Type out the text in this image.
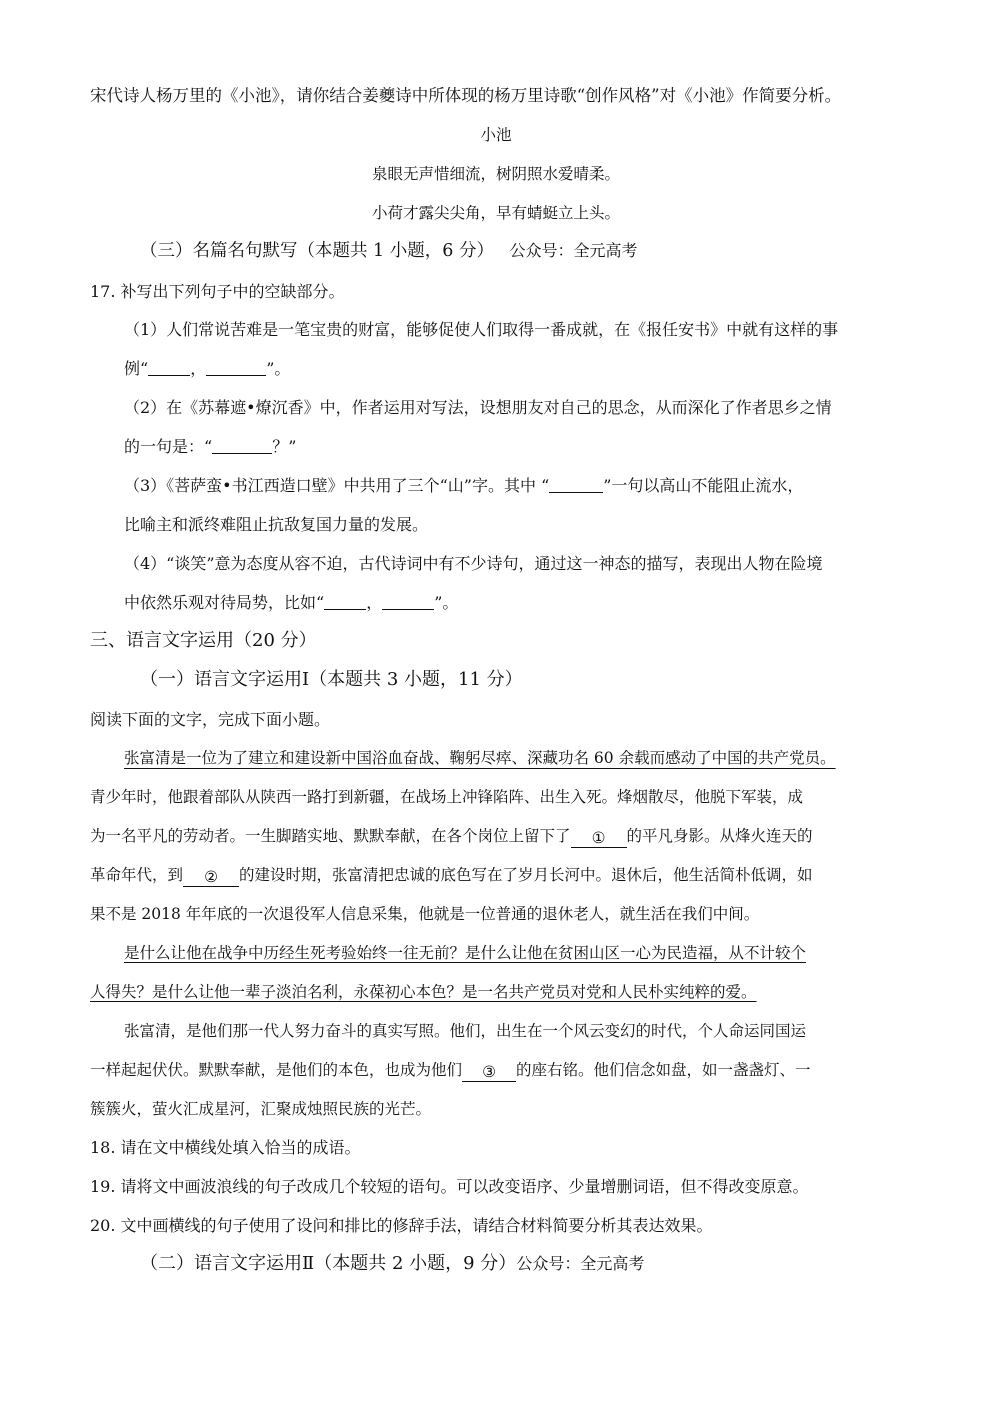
宋代诗人杨万里的《小池》，请你结合姜夔诗中所体现的杨万里诗歌“创作风格”对《小池》作简要分析。
小池
泉眼无声惜细流，树阴照水爱晴柔。
小荷才露尖尖角，早有蜻蜓立上头。
（三）名篇名句默写（本题共 1 小题，6 分） 公众号：全元高考
17. 补写出下列句子中的空缺部分。
（1）人们常说苦难是一笔宝贵的财富，能够促使人们取得一番成就，在《报任安书》中就有这样的事
例“	，	”。
（2）在《苏幕遮•燎沉香》中，作者运用对写法，设想朋友对自己的思念，从而深化了作者思乡之情
的一句是：“	？”
（3）《菩萨蛮•书江西造口壁》中共用了三个“山”字。其中 “	”一句以高山不能阻止流水，
比喻主和派终难阻止抗敌复国力量的发展。
（4）“谈笑”意为态度从容不迫，古代诗词中有不少诗句，通过这一神态的描写，表现出人物在险境
中依然乐观对待局势，比如“	，	”。
三、语言文字运用（20 分）
（一）语言文字运用Ⅰ（本题共 3 小题，11 分）
阅读下面的文字，完成下面小题。
张富清是一位为了建立和建设新中国浴血奋战、鞠躬尽瘁、深藏功名 60 余载而感动了中国的共产党员。
青少年时，他跟着部队从陕西一路打到新疆，在战场上冲锋陷阵、出生入死。烽烟散尽，他脱下军装，成
为一名平凡的劳动者。一生脚踏实地、默默奉献，在各个岗位上留下了 ① 的平凡身影。从烽火连天的
革命年代，到 ② 的建设时期，张富清把忠诚的底色写在了岁月长河中。退休后，他生活简朴低调，如
果不是 2018 年年底的一次退役军人信息采集，他就是一位普通的退休老人，就生活在我们中间。
是什么让他在战争中历经生死考验始终一往无前？是什么让他在贫困山区一心为民造福，从不计较个
人得失？是什么让他一辈子淡泊名利，永葆初心本色？是一名共产党员对党和人民朴实纯粹的爱。
张富清，是他们那一代人努力奋斗的真实写照。他们，出生在一个风云变幻的时代，个人命运同国运
一样起起伏伏。默默奉献，是他们的本色，也成为他们 ③ 的座右铭。他们信念如盘，如一盏盏灯、一
簇簇火，萤火汇成星河，汇聚成烛照民族的光芒。
18. 请在文中横线处填入恰当的成语。
19. 请将文中画波浪线的句子改成几个较短的语句。可以改变语序、少量增删词语，但不得改变原意。
20. 文中画横线的句子使用了设问和排比的修辞手法，请结合材料简要分析其表达效果。
（二）语言文字运用Ⅱ（本题共 2 小题，9 分）公众号：全元高考
